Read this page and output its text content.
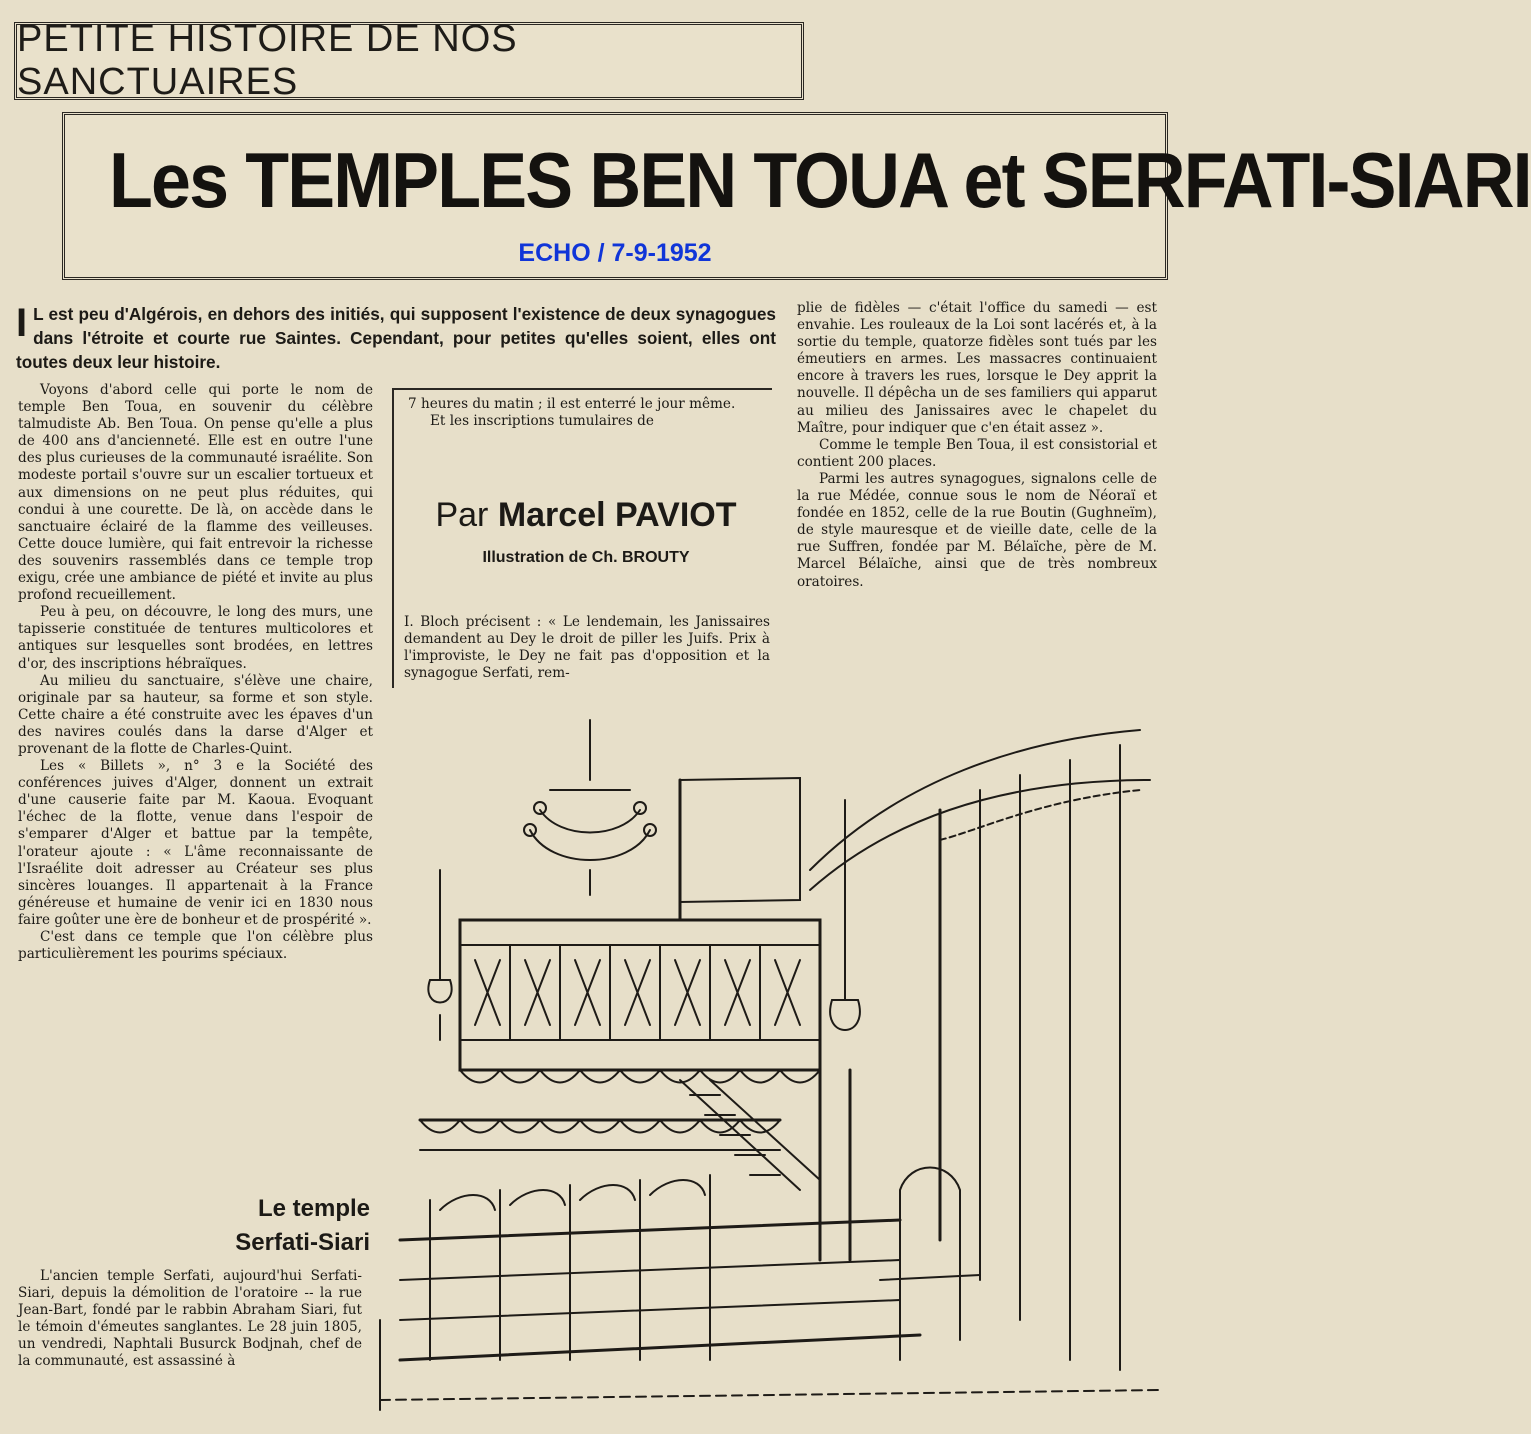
PETITE HISTOIRE DE NOS SANCTUAIRES
Les TEMPLES BEN TOUA et SERFATI-SIARI
ECHO / 7-9-1952
I L est peu d'Algérois, en dehors des initiés, qui supposent l'existence de deux synagogues dans l'étroite et courte rue Saintes. Cependant, pour petites qu'elles soient, elles ont toutes deux leur histoire.

Voyons d'abord celle qui porte le nom de temple Ben Toua, en souvenir du célèbre talmudiste Ab. Ben Toua. On pense qu'elle a plus de 400 ans d'ancienneté. Elle est en outre l'une des plus curieuses de la communauté israélite. Son modeste portail s'ouvre sur un escalier tortueux et aux dimensions on ne peut plus réduites, qui condui à une courette. De là, on accède dans le sanctuaire éclairé de la flamme des veilleuses. Cette douce lumière, qui fait entrevoir la richesse des souvenirs rassemblés dans ce temple trop exigu, crée une ambiance de piété et invite au plus profond recueillement.

Peu à peu, on découvre, le long des murs, une tapisserie constituée de tentures multicolores et antiques sur lesquelles sont brodées, en lettres d'or, des inscriptions hébraïques.

Au milieu du sanctuaire, s'élève une chaire, originale par sa hauteur, sa forme et son style. Cette chaire a été construite avec les épaves d'un des navires coulés dans la darse d'Alger et provenant de la flotte de Charles-Quint.

Les « Billets », n° 3 e la Société des conférences juives d'Alger, donnent un extrait d'une causerie faite par M. Kaoua. Evoquant l'échec de la flotte, venue dans l'espoir de s'emparer d'Alger et battue par la tempête, l'orateur ajoute : « L'âme reconnaissante de l'Israélite doit adresser au Créateur ses plus sincères louanges. Il appartenait à la France généreuse et humaine de venir ici en 1830 nous faire goûter une ère de bonheur et de prospérité ».

C'est dans ce temple que l'on célèbre plus particulièrement les pourims spéciaux.

Le temple
Serfati-Siari

L'ancien temple Serfati, aujourd'hui Serfati-Siari, depuis la démolition de l'oratoire -- la rue Jean-Bart, fondé par le rabbin Abraham Siari, fut le témoin d'émeutes sanglantes. Le 28 juin 1805, un vendredi, Naphtali Busurck Bodjnah, chef de la communauté, est assassiné à

7 heures du matin ; il est enterré le jour même.

Et les inscriptions tumulaires de

Par Marcel PAVIOT
Illustration de Ch. BROUTY

I. Bloch précisent : « Le lendemain, les Janissaires demandent au Dey le droit de piller les Juifs. Prix à l'improviste, le Dey ne fait pas d'opposition et la synagogue Serfati, rem-

plie de fidèles — c'était l'office du samedi — est envahie. Les rouleaux de la Loi sont lacérés et, à la sortie du temple, quatorze fidèles sont tués par les émeutiers en armes. Les massacres continuaient encore à travers les rues, lorsque le Dey apprit la nouvelle. Il dépêcha un de ses familiers qui apparut au milieu des Janissaires avec le chapelet du Maître, pour indiquer que c'en était assez ».

Comme le temple Ben Toua, il est consistorial et contient 200 places.

Parmi les autres synagogues, signalons celle de la rue Médée, connue sous le nom de Néoraï et fondée en 1852, celle de la rue Boutin (Gughneïm), de style mauresque et de vieille date, celle de la rue Suffren, fondée par M. Bélaïche, père de M. Marcel Bélaïche, ainsi que de très nombreux oratoires.
